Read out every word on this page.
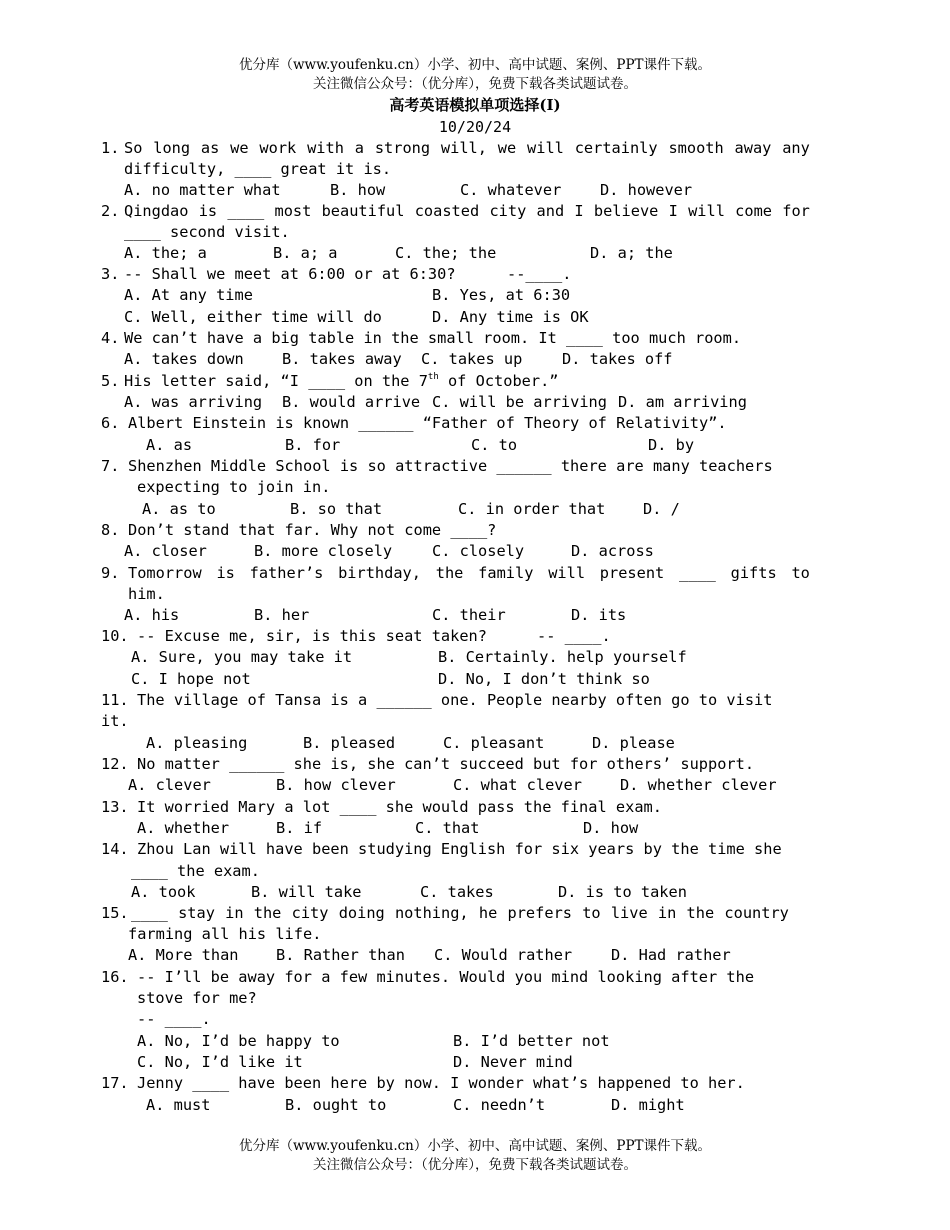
优分库（www.youfenku.cn）小学、初中、高中试题、案例、PPT课件下载。
关注微信公众号：（优分库），免费下载各类试题试卷。
高考英语模拟单项选择(I)
10/20/24
1. So long as we work with a strong will, we will certainly smooth away any
difficulty, ____ great it is.
A. no matter what	B. how	C. whatever	D. however
2. Qingdao is ____ most beautiful coasted city and I believe I will come for
____ second visit.
A. the; a	B. a; a	C. the; the	D. a; the
3. -- Shall we meet at 6:00 or at 6:30?	--____.
A. At any time	B. Yes, at 6:30
C. Well, either time will do	D. Any time is OK
4. We can’t have a big table in the small room. It ____ too much room.
A. takes down	B. takes away C. takes up	D. takes off
5. His letter said, “I ____ on the 7th of October.”
A. was arriving B. would arrive C. will be arriving D. am arriving
6. Albert Einstein is known ______ “Father of Theory of Relativity”.
A. as	B. for	C. to	D. by
7. Shenzhen Middle School is so attractive ______ there are many teachers
expecting to join in.
A. as to	B. so that	C. in order that D. /
8. Don’t stand that far. Why not come ____?
A. closer	B. more closely	C. closely	D. across
9. Tomorrow is father’s birthday, the family will present ____ gifts to
him.
A. his	B. her	C. their	D. its
10. -- Excuse me, sir, is this seat taken?	-- ____.
A. Sure, you may take it	B. Certainly. help yourself
C. I hope not	D. No, I don’t think so
11. The village of Tansa is a ______ one. People nearby often go to visit
it.
A. pleasing	B. pleased	C. pleasant	D. please
12. No matter ______ she is, she can’t succeed but for others’ support.
A. clever	B. how clever	C. what clever D. whether clever
13. It worried Mary a lot ____ she would pass the final exam.
A. whether	B. if	C. that	D. how
14. Zhou Lan will have been studying English for six years by the time she
____ the exam.
A. took	B. will take	C. takes	D. is to taken
15. ____ stay in the city doing nothing, he prefers to live in the country
farming all his life.
A. More than B. Rather than C. Would rather	D. Had rather
16. -- I’ll be away for a few minutes. Would you mind looking after the
stove for me?
-- ____.
A. No, I’d be happy to	B. I’d better not
C. No, I’d like it	D. Never mind
17. Jenny ____ have been here by now. I wonder what’s happened to her.
A. must	B. ought to	C. needn’t	D. might
优分库（www.youfenku.cn）小学、初中、高中试题、案例、PPT课件下载。
关注微信公众号：（优分库），免费下载各类试题试卷。
